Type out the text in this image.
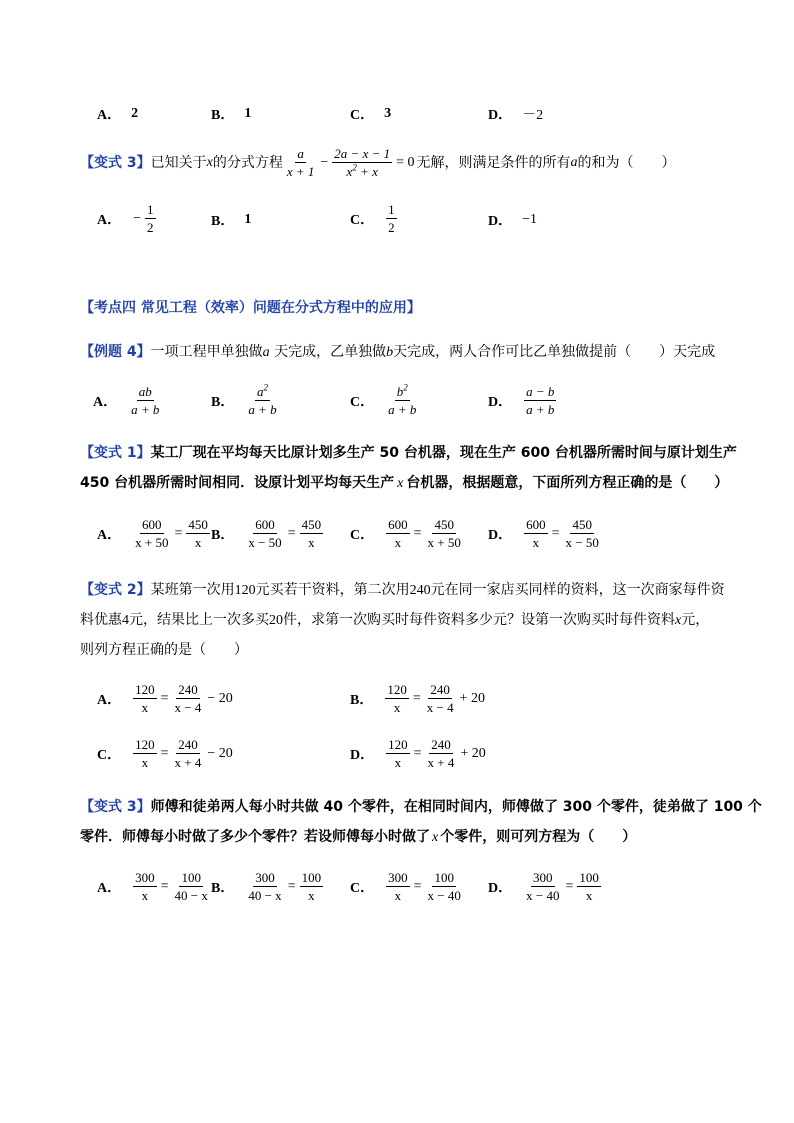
A． 2	B． 1	C． 3	D． －2
【变式 3】 已知关于 x 的分式方程 $\frac{a}{x + 1} - \frac{2a - x - 1}{x^2 + x} = 0$ 无解，则满足条件的所有 a 的和为（　　）
A． − $\frac{1}{2}$	B． 1	C． $\frac{1}{2}$	D． −1
【考点四 常见工程（效率）问题在分式方程中的应用】
【例题 4】一项工程甲单独做a 天完成，乙单独做b天完成，两人合作可比乙单独做提前（　　）天完成
A． $\frac{ab}{a + b}$	B． $\frac{a^2}{a + b}$	C． $\frac{b^2}{a + b}$	D． $\frac{a - b}{a + b}$
【变式 1】某工厂现在平均每天比原计划多生产 50 台机器，现在生产 600 台机器所需时间与原计划生产
450 台机器所需时间相同．设原计划平均每天生产 x 台机器，根据题意，下面所列方程正确的是（　　）
A． $\frac{600}{x + 50} = \frac{450}{x}$ B． $\frac{600}{x - 50} = \frac{450}{x}$ C． $\frac{600}{x} = \frac{450}{x + 50}$ D． $\frac{600}{x} = \frac{450}{x - 50}$
【变式 2】某班第一次用120元买若干资料，第二次用240元在同一家店买同样的资料，这一次商家每件资
料优惠4元，结果比上一次多买20件，求第一次购买时每件资料多少元？设第一次购买时每件资料x元，
则列方程正确的是（　　）
A． $\frac{120}{x} = \frac{240}{x - 4} - 20$	B． $\frac{120}{x} = \frac{240}{x - 4} + 20$
C． $\frac{120}{x} = \frac{240}{x + 4} - 20$	D． $\frac{120}{x} = \frac{240}{x + 4} + 20$
【变式 3】师傅和徒弟两人每小时共做 40 个零件，在相同时间内，师傅做了 300 个零件，徒弟做了 100 个
零件．师傅每小时做了多少个零件？若设师傅每小时做了 x 个零件，则可列方程为（　　）
A． $\frac{300}{x} = \frac{100}{40 - x}$ B． $\frac{300}{40 - x} = \frac{100}{x}$ C． $\frac{300}{x} = \frac{100}{x - 40}$ D． $\frac{300}{x - 40} = \frac{100}{x}$
